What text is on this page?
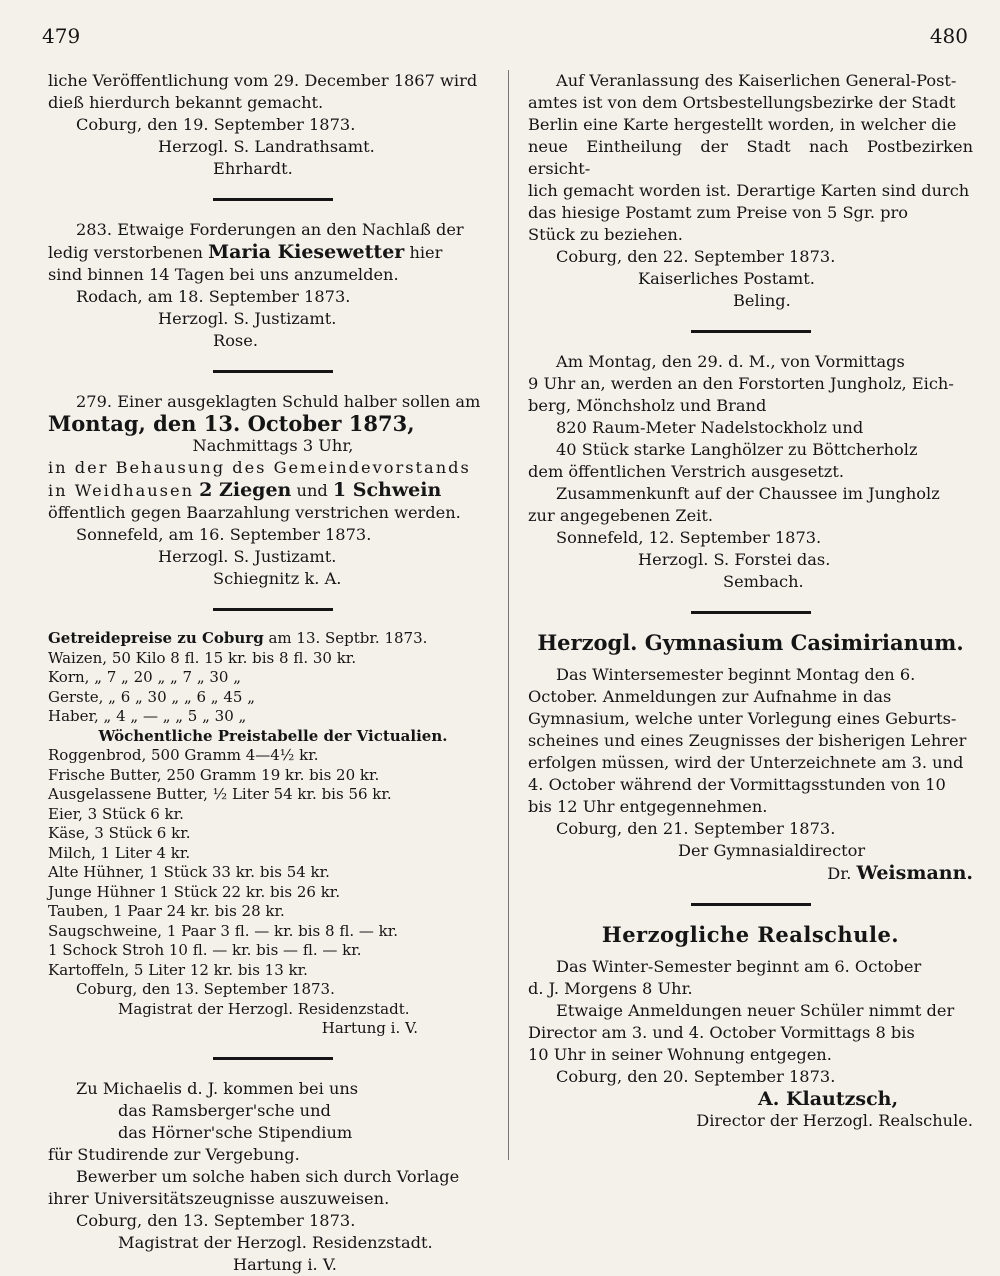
479	480

liche Veröffentlichung vom 29. December 1867 wird

dieß hierdurch bekannt gemacht.

Coburg, den 19. September 1873.

Herzogl. S. Landrathsamt.

Ehrhardt.

283. Etwaige Forderungen an den Nachlaß der

ledig verstorbenen Maria Kiesewetter hier

sind binnen 14 Tagen bei uns anzumelden.

Rodach, am 18. September 1873.

Herzogl. S. Justizamt.

Rose.

279. Einer ausgeklagten Schuld halber sollen am

Montag, den 13. October 1873,

Nachmittags 3 Uhr,

in der Behausung des Gemeindevorstands

in Weidhausen 2 Ziegen und 1 Schwein

öffentlich gegen Baarzahlung verstrichen werden.

Sonnefeld, am 16. September 1873.

Herzogl. S. Justizamt.

Schiegnitz k. A.

Getreidepreise zu Coburg am 13. Septbr. 1873.

Waizen, 50 Kilo 8 fl. 15 kr. bis 8 fl. 30 kr.

Korn, „ 7 „ 20 „ „ 7 „ 30 „

Gerste, „ 6 „ 30 „ „ 6 „ 45 „

Haber, „ 4 „ — „ „ 5 „ 30 „

Wöchentliche Preistabelle der Victualien.

Roggenbrod, 500 Gramm 4—4½ kr.

Frische Butter, 250 Gramm 19 kr. bis 20 kr.

Ausgelassene Butter, ½ Liter 54 kr. bis 56 kr.

Eier, 3 Stück 6 kr.

Käse, 3 Stück 6 kr.

Milch, 1 Liter 4 kr.

Alte Hühner, 1 Stück 33 kr. bis 54 kr.

Junge Hühner 1 Stück 22 kr. bis 26 kr.

Tauben, 1 Paar 24 kr. bis 28 kr.

Saugschweine, 1 Paar 3 fl. — kr. bis 8 fl. — kr.

1 Schock Stroh 10 fl. — kr. bis — fl. — kr.

Kartoffeln, 5 Liter 12 kr. bis 13 kr.

Coburg, den 13. September 1873.

Magistrat der Herzogl. Residenzstadt.

Hartung i. V.

Zu Michaelis d. J. kommen bei uns

das Ramsberger'sche und

das Hörner'sche Stipendium

für Studirende zur Vergebung.

Bewerber um solche haben sich durch Vorlage

ihrer Universitätszeugnisse auszuweisen.

Coburg, den 13. September 1873.

Magistrat der Herzogl. Residenzstadt.

Hartung i. V.

Auf Veranlassung des Kaiserlichen General-Post-

amtes ist von dem Ortsbestellungsbezirke der Stadt

Berlin eine Karte hergestellt worden, in welcher die

neue Eintheilung der Stadt nach Postbezirken ersicht-

lich gemacht worden ist. Derartige Karten sind durch

das hiesige Postamt zum Preise von 5 Sgr. pro

Stück zu beziehen.

Coburg, den 22. September 1873.

Kaiserliches Postamt.

Beling.

Am Montag, den 29. d. M., von Vormittags

9 Uhr an, werden an den Forstorten Jungholz, Eich-

berg, Mönchsholz und Brand

820 Raum-Meter Nadelstockholz und

40 Stück starke Langhölzer zu Böttcherholz

dem öffentlichen Verstrich ausgesetzt.

Zusammenkunft auf der Chaussee im Jungholz

zur angegebenen Zeit.

Sonnefeld, 12. September 1873.

Herzogl. S. Forstei das.

Sembach.

Herzogl. Gymnasium Casimirianum.

Das Wintersemester beginnt Montag den 6.

October. Anmeldungen zur Aufnahme in das

Gymnasium, welche unter Vorlegung eines Geburts-

scheines und eines Zeugnisses der bisherigen Lehrer

erfolgen müssen, wird der Unterzeichnete am 3. und

4. October während der Vormittagsstunden von 10

bis 12 Uhr entgegennehmen.

Coburg, den 21. September 1873.

Der Gymnasialdirector

Dr. Weismann.

Herzogliche Realschule.

Das Winter-Semester beginnt am 6. October

d. J. Morgens 8 Uhr.

Etwaige Anmeldungen neuer Schüler nimmt der

Director am 3. und 4. October Vormittags 8 bis

10 Uhr in seiner Wohnung entgegen.

Coburg, den 20. September 1873.

A. Klautzsch,

Director der Herzogl. Realschule.
